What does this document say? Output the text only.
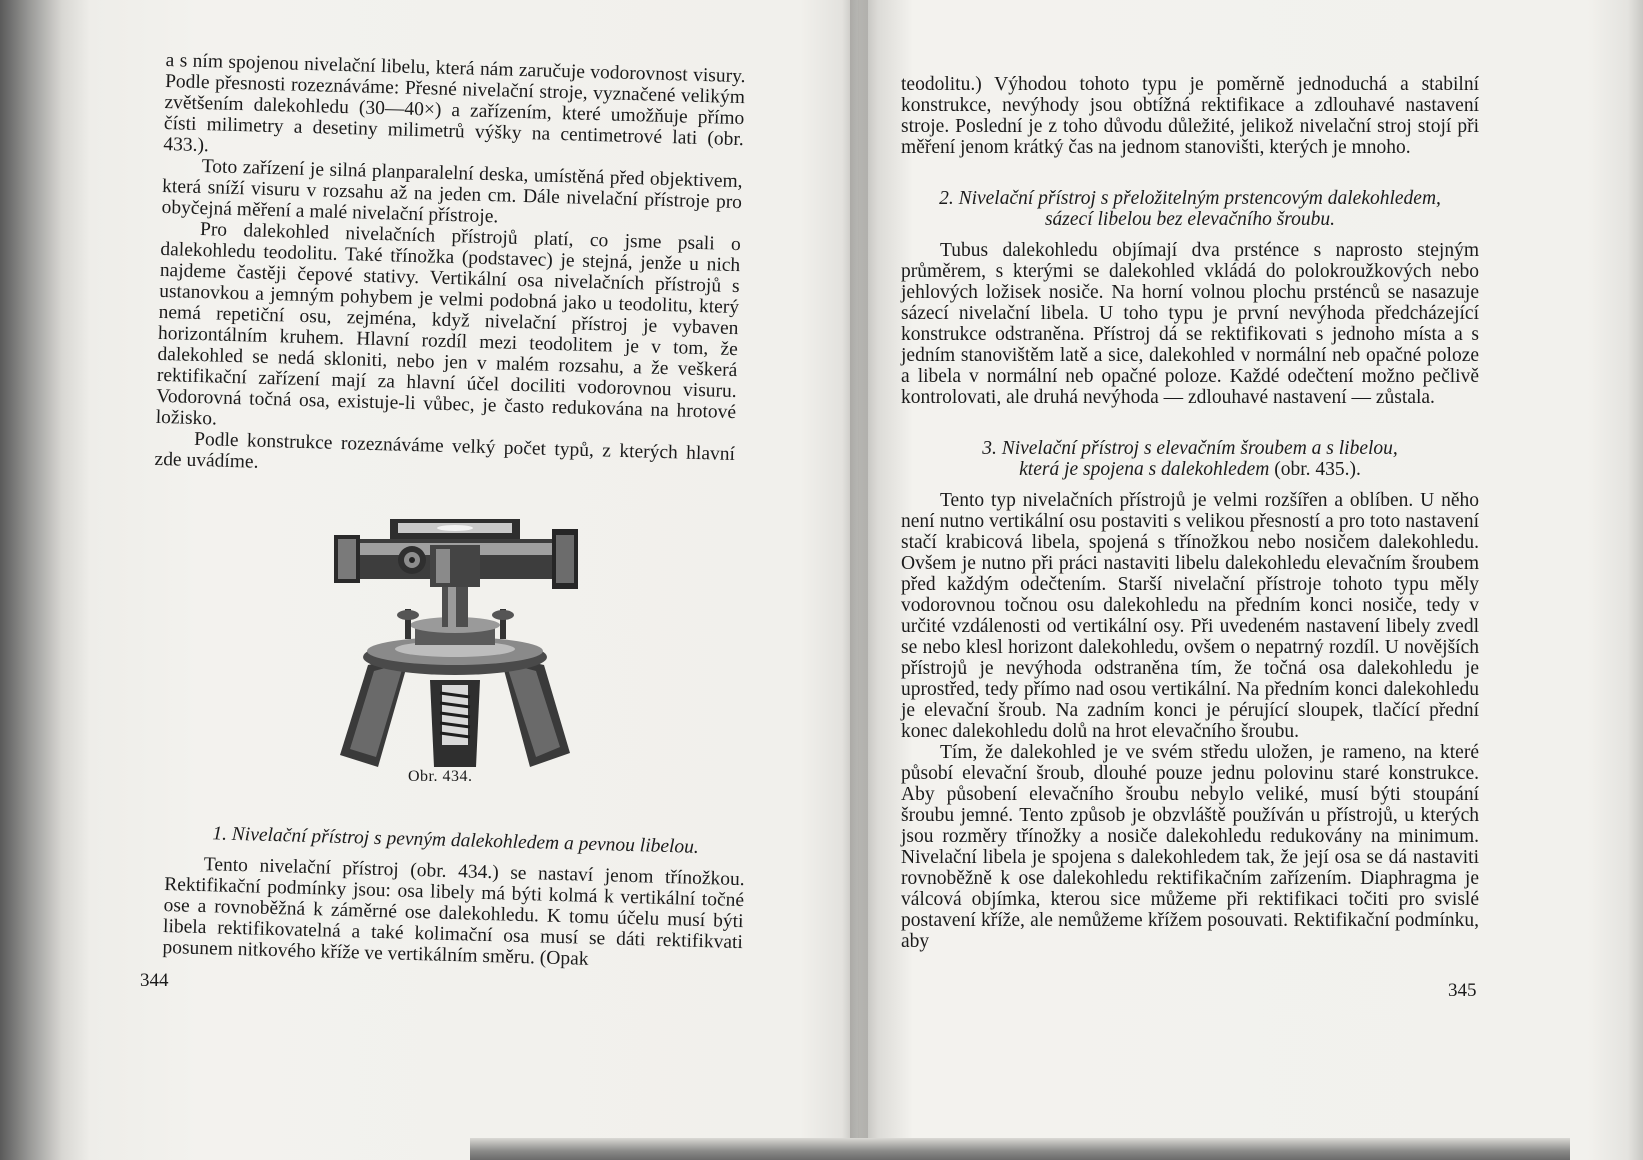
a s ním spojenou nivelační libelu, která nám zaručuje vodorovnost visury. Podle přesnosti rozeznáváme: Přesné nivelační stroje, vyznačené velikým zvětšením dalekohledu (30—40×) a zařízením, které umožňuje přímo čísti milimetry a desetiny milimetrů výšky na centimetrové lati (obr. 433.).

Toto zařízení je silná planparalelní deska, umístěná před objektivem, která sníží visuru v rozsahu až na jeden cm. Dále nivelační přístroje pro obyčejná měření a malé nivelační přístroje.

Pro dalekohled nivelačních přístrojů platí, co jsme psali o dalekohledu teodolitu. Také třínožka (podstavec) je stejná, jenže u nich najdeme častěji čepové stativy. Vertikální osa nivelačních přístrojů s ustanovkou a jemným pohybem je velmi podobná jako u teodolitu, který nemá repetiční osu, zejména, když nivelační přístroj je vybaven horizontálním kruhem. Hlavní rozdíl mezi teodolitem je v tom, že dalekohled se nedá skloniti, nebo jen v malém rozsahu, a že veškerá rektifikační zařízení mají za hlavní účel dociliti vodorovnou visuru. Vodorovná točná osa, existuje-li vůbec, je často redukována na hrotové ložisko.

Podle konstrukce rozeznáváme velký počet typů, z kterých hlavní zde uvádíme.

Obr. 434.

1. Nivelační přístroj s pevným dalekohledem a pevnou libelou.

Tento nivelační přístroj (obr. 434.) se nastaví jenom třínožkou. Rektifikační podmínky jsou: osa libely má býti kolmá k vertikální točné ose a rovnoběžná k záměrné ose dalekohledu. K tomu účelu musí býti libela rektifikovatelná a také kolimační osa musí se dáti rektifikvati posunem nitkového kříže ve vertikálním směru. (Opak

344

teodolitu.) Výhodou tohoto typu je poměrně jednoduchá a stabilní konstrukce, nevýhody jsou obtížná rektifikace a zdlouhavé nastavení stroje. Poslední je z toho důvodu důležité, jelikož nivelační stroj stojí při měření jenom krátký čas na jednom stanovišti, kterých je mnoho.

2. Nivelační přístroj s přeložitelným prstencovým dalekohledem,

sázecí libelou bez elevačního šroubu.

Tubus dalekohledu objímají dva prsténce s naprosto stejným průměrem, s kterými se dalekohled vkládá do polokroužkových nebo jehlových ložisek nosiče. Na horní volnou plochu prsténců se nasazuje sázecí nivelační libela. U toho typu je první nevýhoda předcházející konstrukce odstraněna. Přístroj dá se rektifikovati s jednoho místa a s jedním stanovištěm latě a sice, dalekohled v normální neb opačné poloze a libela v normální neb opačné poloze. Každé odečtení možno pečlivě kontrolovati, ale druhá nevýhoda — zdlouhavé nastavení — zůstala.

3. Nivelační přístroj s elevačním šroubem a s libelou,

která je spojena s dalekohledem (obr. 435.).

Tento typ nivelačních přístrojů je velmi rozšířen a oblíben. U něho není nutno vertikální osu postaviti s velikou přesností a pro toto nastavení stačí krabicová libela, spojená s třínožkou nebo nosičem dalekohledu. Ovšem je nutno při práci nastaviti libelu dalekohledu elevačním šroubem před každým odečtením. Starší nivelační přístroje tohoto typu měly vodorovnou točnou osu dalekohledu na předním konci nosiče, tedy v určité vzdálenosti od vertikální osy. Při uvedeném nastavení libely zvedl se nebo klesl horizont dalekohledu, ovšem o nepatrný rozdíl. U novějších přístrojů je nevýhoda odstraněna tím, že točná osa dalekohledu je uprostřed, tedy přímo nad osou vertikální. Na předním konci dalekohledu je elevační šroub. Na zadním konci je pérující sloupek, tlačící přední konec dalekohledu dolů na hrot elevačního šroubu.

Tím, že dalekohled je ve svém středu uložen, je rameno, na které působí elevační šroub, dlouhé pouze jednu polovinu staré konstrukce. Aby působení elevačního šroubu nebylo veliké, musí býti stoupání šroubu jemné. Tento způsob je obzvláště používán u přístrojů, u kterých jsou rozměry třínožky a nosiče dalekohledu redukovány na minimum. Nivelační libela je spojena s dalekohledem tak, že její osa se dá nastaviti rovnoběžně k ose dalekohledu rektifikačním zařízením. Diaphragma je válcová objímka, kterou sice můžeme při rektifikaci točiti pro svislé postavení kříže, ale nemůžeme křížem posouvati. Rektifikační podmínku, aby

345
